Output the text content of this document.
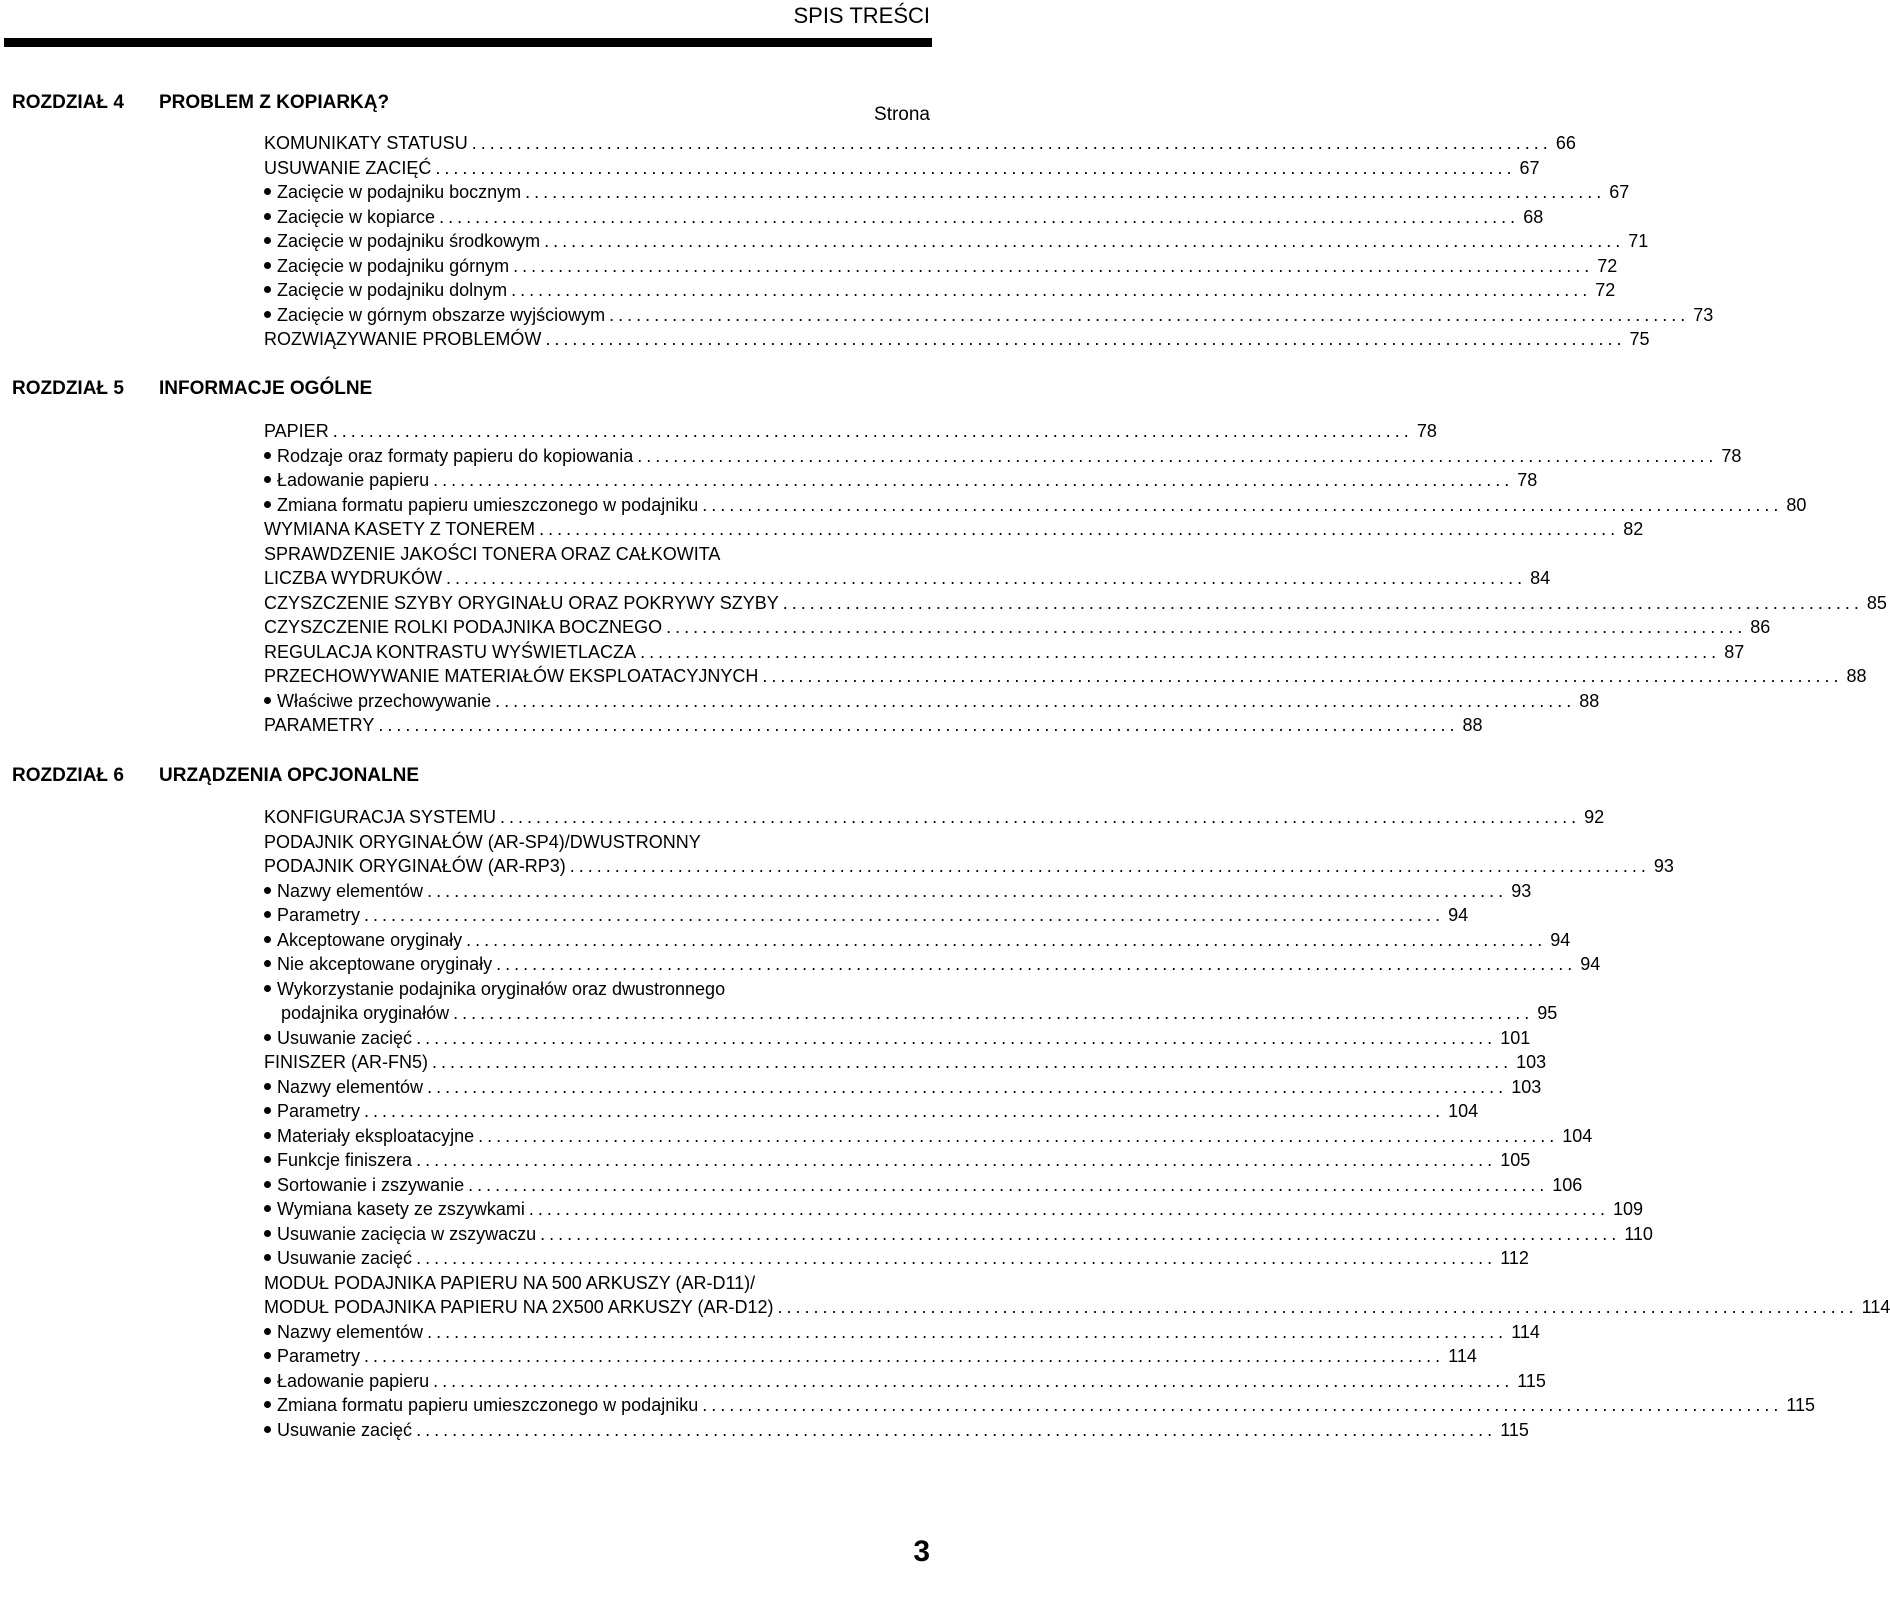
SPIS TREŚCI
ROZDZIAŁ 4 PROBLEM Z KOPIARKĄ?
Strona
KOMUNIKATY STATUSU ........................................................................................................................ 66
USUWANIE ZACIĘĆ ........................................................................................................................ 67
Zacięcie w podajniku bocznym ........................................................................................................................ 67
Zacięcie w kopiarce ........................................................................................................................ 68
Zacięcie w podajniku środkowym ........................................................................................................................ 71
Zacięcie w podajniku górnym ........................................................................................................................ 72
Zacięcie w podajniku dolnym ........................................................................................................................ 72
Zacięcie w górnym obszarze wyjściowym ........................................................................................................................ 73
ROZWIĄZYWANIE PROBLEMÓW ........................................................................................................................ 75
ROZDZIAŁ 5 INFORMACJE OGÓLNE
PAPIER ........................................................................................................................ 78
Rodzaje oraz formaty papieru do kopiowania ........................................................................................................................ 78
Ładowanie papieru ........................................................................................................................ 78
Zmiana formatu papieru umieszczonego w podajniku ........................................................................................................................ 80
WYMIANA KASETY Z TONEREM ........................................................................................................................ 82
SPRAWDZENIE JAKOŚCI TONERA ORAZ CAŁKOWITA
LICZBA WYDRUKÓW ........................................................................................................................ 84
CZYSZCZENIE SZYBY ORYGINAŁU ORAZ POKRYWY SZYBY ........................................................................................................................ 85
CZYSZCZENIE ROLKI PODAJNIKA BOCZNEGO ........................................................................................................................ 86
REGULACJA KONTRASTU WYŚWIETLACZA ........................................................................................................................ 87
PRZECHOWYWANIE MATERIAŁÓW EKSPLOATACYJNYCH ........................................................................................................................ 88
Właściwe przechowywanie ........................................................................................................................ 88
PARAMETRY ........................................................................................................................ 88
ROZDZIAŁ 6 URZĄDZENIA OPCJONALNE
KONFIGURACJA SYSTEMU ........................................................................................................................ 92
PODAJNIK ORYGINAŁÓW (AR-SP4)/DWUSTRONNY
PODAJNIK ORYGINAŁÓW (AR-RP3) ........................................................................................................................ 93
Nazwy elementów ........................................................................................................................ 93
Parametry ........................................................................................................................ 94
Akceptowane oryginały ........................................................................................................................ 94
Nie akceptowane oryginały ........................................................................................................................ 94
Wykorzystanie podajnika oryginałów oraz dwustronnego
podajnika oryginałów ........................................................................................................................ 95
Usuwanie zacięć ........................................................................................................................ 101
FINISZER (AR-FN5) ........................................................................................................................ 103
Nazwy elementów ........................................................................................................................ 103
Parametry ........................................................................................................................ 104
Materiały eksploatacyjne ........................................................................................................................ 104
Funkcje finiszera ........................................................................................................................ 105
Sortowanie i zszywanie ........................................................................................................................ 106
Wymiana kasety ze zszywkami ........................................................................................................................ 109
Usuwanie zacięcia w zszywaczu ........................................................................................................................ 110
Usuwanie zacięć ........................................................................................................................ 112
MODUŁ PODAJNIKA PAPIERU NA 500 ARKUSZY (AR-D11)/
MODUŁ PODAJNIKA PAPIERU NA 2X500 ARKUSZY (AR-D12) ........................................................................................................................ 114
Nazwy elementów ........................................................................................................................ 114
Parametry ........................................................................................................................ 114
Ładowanie papieru ........................................................................................................................ 115
Zmiana formatu papieru umieszczonego w podajniku ........................................................................................................................ 115
Usuwanie zacięć ........................................................................................................................ 115
3
